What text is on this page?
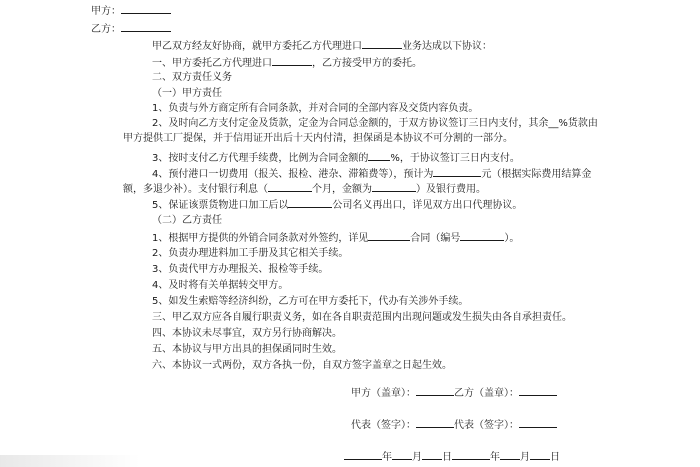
甲方：
乙方：
甲乙双方经友好协商，就甲方委托乙方代理进口	业务达成以下协议：
一、甲方委托乙方代理进口	，乙方接受甲方的委托。
二、双方责任义务
（一）甲方责任
1、负责与外方商定所有合同条款，并对合同的全部内容及交货内容负责。
2、及时向乙方支付定金及货款，定金为合同总金额的，于双方协议签订三日内支付，其余__%货款由
甲方提供工厂提保，并于信用证开出后十天内付清，担保函是本协议不可分割的一部分。
3、按时支付乙方代理手续费，比例为合同金额的 %，于协议签订三日内支付。
4、预付港口一切费用（报关、报检、港杂、滞箱费等），预计为	元（根据实际费用结算金
额，多退少补）。支付银行利息（	个月，金额为	）及银行费用。
5、保证该票货物进口加工后以	公司名义再出口，详见双方出口代理协议。
（二）乙方责任
1、根据甲方提供的外销合同条款对外签约，详见	合同（编号	）。
2、负责办理进料加工手册及其它相关手续。
3、负责代甲方办理报关、报检等手续。
4、及时将有关单据转交甲方。
5、如发生索赔等经济纠纷，乙方可在甲方委托下，代办有关涉外手续。
三、甲乙双方应各自履行职责义务，如在各自职责范围内出现问题或发生损失由各自承担责任。
四、本协议未尽事宜，双方另行协商解决。
五、本协议与甲方出具的担保函同时生效。
六、本协议一式两份，双方各执一份，自双方签字盖章之日起生效。
甲方（盖章）：	乙方（盖章）：
代表（签字）：	代表（签字）：
年 月 日	年 月 日
